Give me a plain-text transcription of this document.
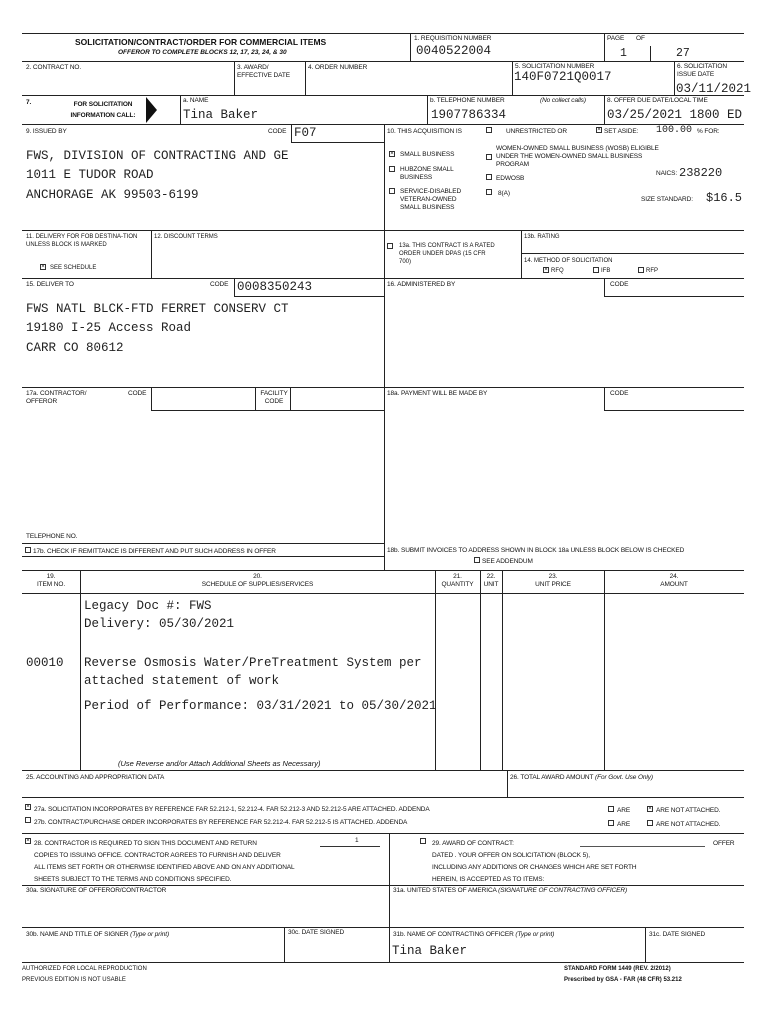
SOLICITATION/CONTRACT/ORDER FOR COMMERCIAL ITEMS
OFFEROR TO COMPLETE BLOCKS 12, 17, 23, 24, & 30
1. REQUISITION NUMBER
0040522004
PAGE OF
1	27
2. CONTRACT NO.	3. AWARD/ EFFECTIVE DATE
4. ORDER NUMBER	5. SOLICITATION NUMBER
140F0721Q0017
6. SOLICITATION ISSUE DATE
03/11/2021
7.	FOR SOLICITATION INFORMATION CALL:
a. NAME
Tina Baker
b. TELEPHONE NUMBER	(No collect calls)
1907786334
8. OFFER DUE DATE/LOCAL TIME
03/25/2021 1800 ED
9. ISSUED BY	CODE F07
FWS, DIVISION OF CONTRACTING AND GE
1011 E TUDOR ROAD
ANCHORAGE AK 99503-6199
10. THIS ACQUISITION IS	UNRESTRICTED OR	× SET ASIDE: 100.00 % FOR:
× SMALL BUSINESS
HUBZONE SMALL BUSINESS
SERVICE-DISABLED VETERAN-OWNED SMALL BUSINESS
WOMEN-OWNED SMALL BUSINESS (WOSB) ELIGIBLE UNDER THE WOMEN-OWNED SMALL BUSINESS PROGRAM
EDWOSB
8(A)
NAICS: 238220
SIZE STANDARD: $16.5
11. DELIVERY FOR FOB DESTINA-TION UNLESS BLOCK IS MARKED
× SEE SCHEDULE
12. DISCOUNT TERMS
13a. THIS CONTRACT IS A RATED ORDER UNDER DPAS (15 CFR 700)
13b. RATING
14. METHOD OF SOLICITATION
× RFQ	IFB	RFP
15. DELIVER TO	CODE 0008350243
FWS NATL BLCK-FTD FERRET CONSERV CT
19180 I-25 Access Road
CARR CO 80612
16. ADMINISTERED BY	CODE
17a. CONTRACTOR/ OFFEROR
CODE	FACILITY CODE
18a. PAYMENT WILL BE MADE BY	CODE
TELEPHONE NO.
17b. CHECK IF REMITTANCE IS DIFFERENT AND PUT SUCH ADDRESS IN OFFER	18b. SUBMIT INVOICES TO ADDRESS SHOWN IN BLOCK 18a UNLESS BLOCK BELOW IS CHECKED
SEE ADDENDUM
19.
ITEM NO.
20.
SCHEDULE OF SUPPLIES/SERVICES
21.
QUANTITY
22.
UNIT
23.
UNIT PRICE
24.
AMOUNT
Legacy Doc #: FWS
Delivery: 05/30/2021
00010 Reverse Osmosis Water/PreTreatment System per
attached statement of work
Period of Performance: 03/31/2021 to 05/30/2021
(Use Reverse and/or Attach Additional Sheets as Necessary)
25. ACCOUNTING AND APPROPRIATION DATA	26. TOTAL AWARD AMOUNT (For Govt. Use Only)
× 27a. SOLICITATION INCORPORATES BY REFERENCE FAR 52.212-1, 52.212-4. FAR 52.212-3 AND 52.212-5 ARE ATTACHED. ADDENDA	ARE	× ARE NOT ATTACHED.
27b. CONTRACT/PURCHASE ORDER INCORPORATES BY REFERENCE FAR 52.212-4. FAR 52.212-5 IS ATTACHED. ADDENDA	ARE	ARE NOT ATTACHED.
× 28. CONTRACTOR IS REQUIRED TO SIGN THIS DOCUMENT AND RETURN	1
COPIES TO ISSUING OFFICE. CONTRACTOR AGREES TO FURNISH AND DELIVER
ALL ITEMS SET FORTH OR OTHERWISE IDENTIFIED ABOVE AND ON ANY ADDITIONAL
SHEETS SUBJECT TO THE TERMS AND CONDITIONS SPECIFIED.
29. AWARD OF CONTRACT:	OFFER
DATED . YOUR OFFER ON SOLICITATION (BLOCK 5),
INCLUDING ANY ADDITIONS OR CHANGES WHICH ARE SET FORTH
HEREIN, IS ACCEPTED AS TO ITEMS:
30a. SIGNATURE OF OFFEROR/CONTRACTOR	31a. UNITED STATES OF AMERICA (SIGNATURE OF CONTRACTING OFFICER)
30b. NAME AND TITLE OF SIGNER (Type or print)	30c. DATE SIGNED	31b. NAME OF CONTRACTING OFFICER (Type or print)
Tina Baker
31c. DATE SIGNED
AUTHORIZED FOR LOCAL REPRODUCTION
PREVIOUS EDITION IS NOT USABLE
STANDARD FORM 1449 (REV. 2/2012)
Prescribed by GSA - FAR (48 CFR) 53.212
